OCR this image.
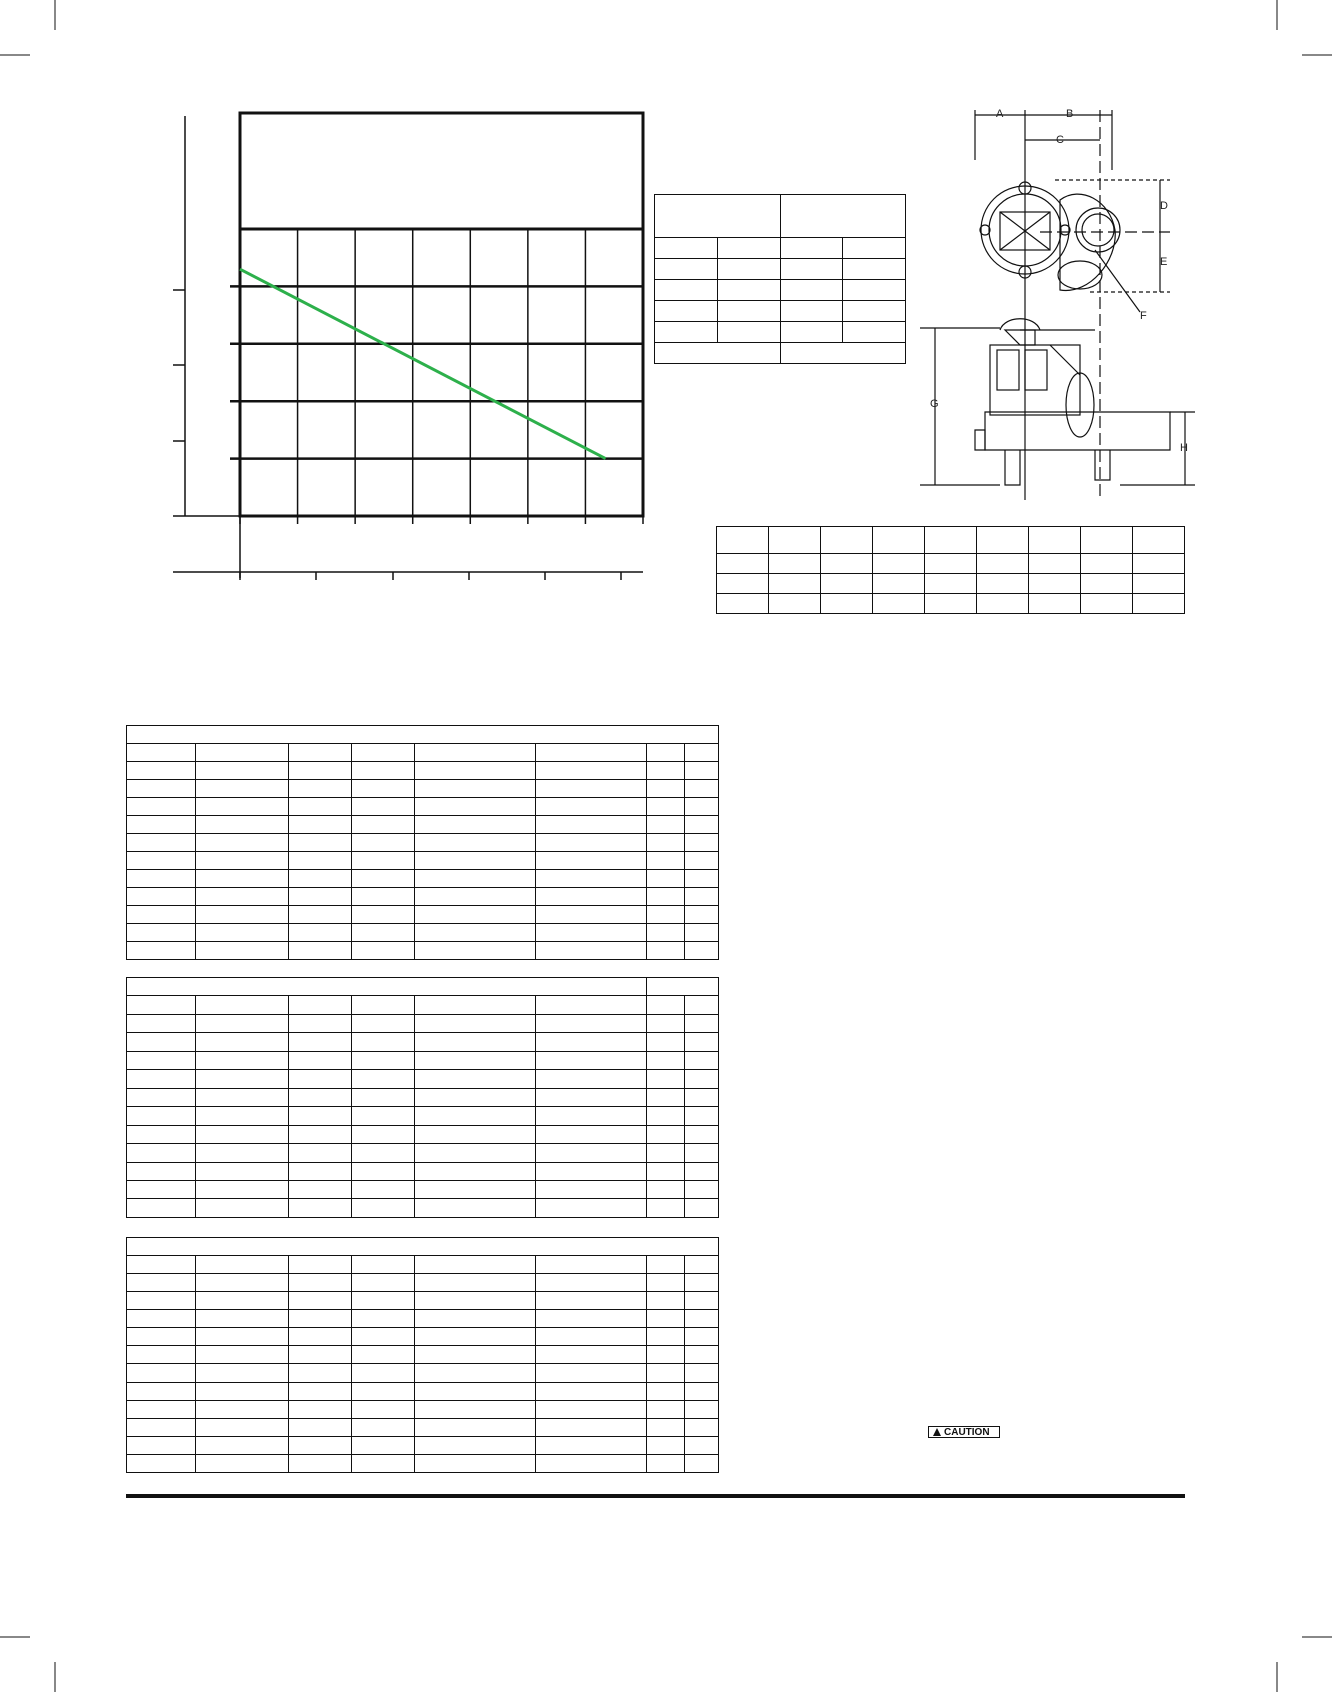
A	B
C
D
E
F
G
H

CAUTION
